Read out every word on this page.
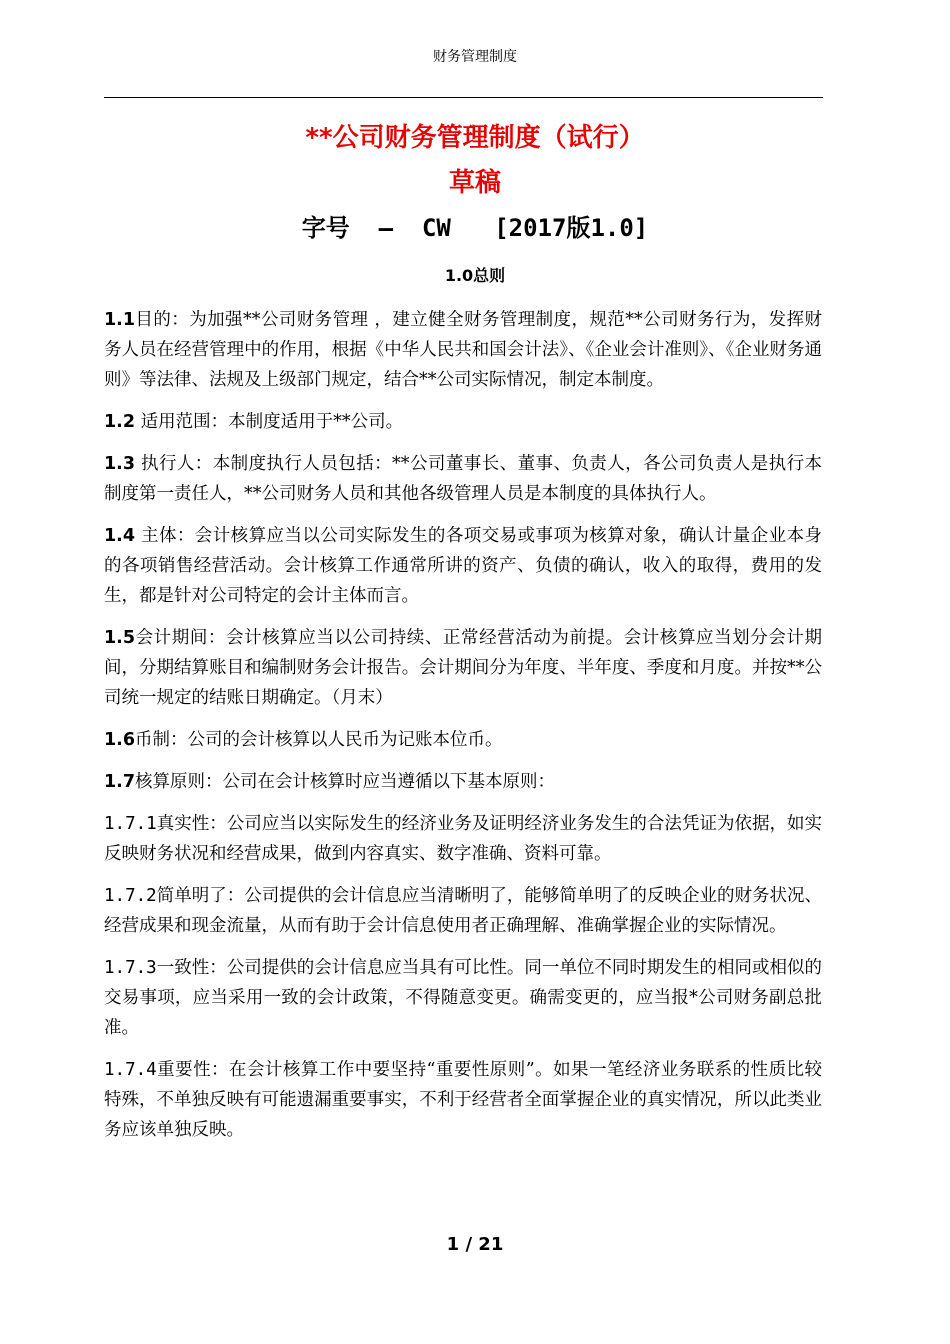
财务管理制度
**公司财务管理制度（试行）
草稿
字号  –  CW   [2017版1.0]
1.0总则

1.1目的：为加强**公司财务管理 ，建立健全财务管理制度，规范**公司财务行为，发挥财务人员在经营管理中的作用，根据《中华人民共和国会计法》、《企业会计准则》、《企业财务通则》等法律、法规及上级部门规定，结合**公司实际情况，制定本制度。

1.2 适用范围：本制度适用于**公司。

1.3 执行人：本制度执行人员包括：**公司董事长、董事、负责人，各公司负责人是执行本制度第一责任人，**公司财务人员和其他各级管理人员是本制度的具体执行人。

1.4 主体：会计核算应当以公司实际发生的各项交易或事项为核算对象，确认计量企业本身的各项销售经营活动。会计核算工作通常所讲的资产、负债的确认，收入的取得，费用的发生，都是针对公司特定的会计主体而言。

1.5会计期间：会计核算应当以公司持续、正常经营活动为前提。会计核算应当划分会计期间，分期结算账目和编制财务会计报告。会计期间分为年度、半年度、季度和月度。并按**公司统一规定的结账日期确定。（月末）

1.6币制：公司的会计核算以人民币为记账本位币。

1.7核算原则：公司在会计核算时应当遵循以下基本原则：

1.7.1真实性：公司应当以实际发生的经济业务及证明经济业务发生的合法凭证为依据，如实反映财务状况和经营成果，做到内容真实、数字准确、资料可靠。

1.7.2简单明了：公司提供的会计信息应当清晰明了，能够简单明了的反映企业的财务状况、经营成果和现金流量，从而有助于会计信息使用者正确理解、准确掌握企业的实际情况。

1.7.3一致性：公司提供的会计信息应当具有可比性。同一单位不同时期发生的相同或相似的交易事项，应当采用一致的会计政策，不得随意变更。确需变更的，应当报*公司财务副总批准。

1.7.4重要性：在会计核算工作中要坚持“重要性原则”。如果一笔经济业务联系的性质比较特殊，不单独反映有可能遗漏重要事实，不利于经营者全面掌握企业的真实情况，所以此类业务应该单独反映。

1 / 21
